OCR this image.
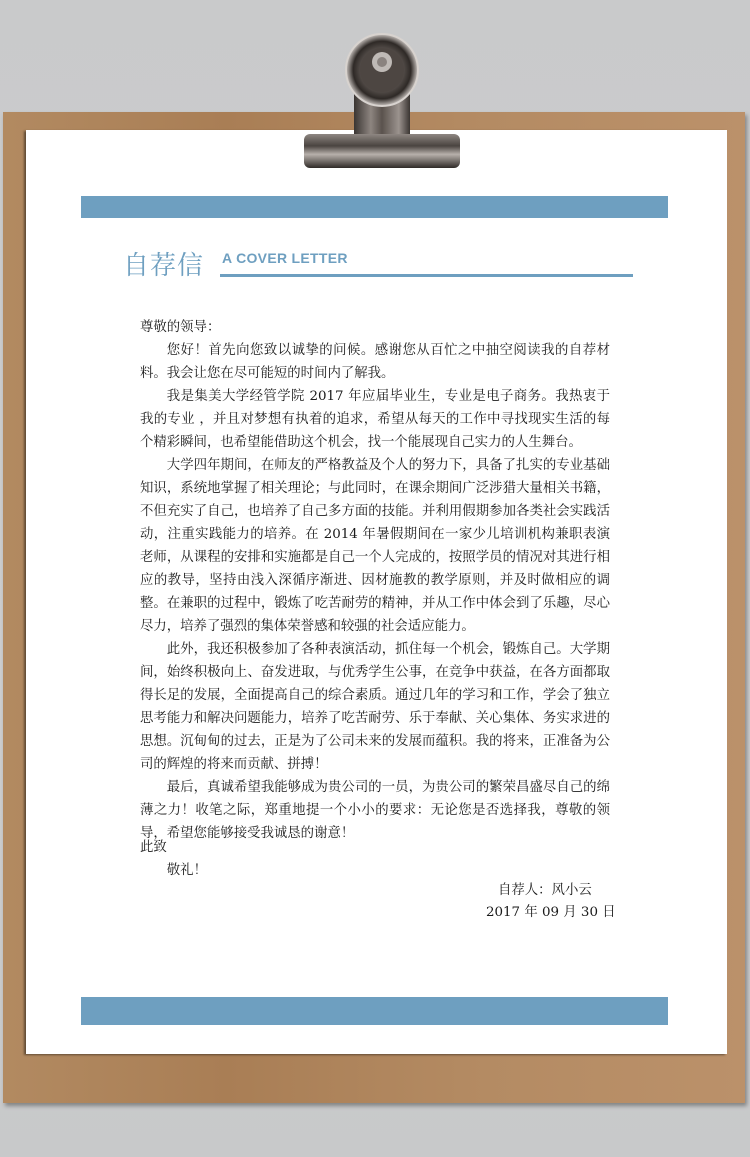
自荐信 A COVER LETTER

尊敬的领导：

您好！首先向您致以诚挚的问候。感谢您从百忙之中抽空阅读我的自荐材料。我会让您在尽可能短的时间内了解我。

我是集美大学经管学院 2017 年应届毕业生，专业是电子商务。我热衷于我的专业 ，并且对梦想有执着的追求，希望从每天的工作中寻找现实生活的每个精彩瞬间，也希望能借助这个机会，找一个能展现自己实力的人生舞台。

大学四年期间，在师友的严格教益及个人的努力下，具备了扎实的专业基础知识，系统地掌握了相关理论；与此同时，在课余期间广泛涉猎大量相关书籍，不但充实了自己，也培养了自己多方面的技能。并利用假期参加各类社会实践活动，注重实践能力的培养。在 2014 年暑假期间在一家少儿培训机构兼职表演老师，从课程的安排和实施都是自己一个人完成的，按照学员的情况对其进行相应的教导，坚持由浅入深循序渐进、因材施教的教学原则，并及时做相应的调整。在兼职的过程中，锻炼了吃苦耐劳的精神，并从工作中体会到了乐趣，尽心尽力，培养了强烈的集体荣誉感和较强的社会适应能力。

此外，我还积极参加了各种表演活动，抓住每一个机会，锻炼自己。大学期间，始终积极向上、奋发进取，与优秀学生公事，在竞争中获益，在各方面都取得长足的发展，全面提高自己的综合素质。通过几年的学习和工作，学会了独立思考能力和解决问题能力，培养了吃苦耐劳、乐于奉献、关心集体、务实求进的思想。沉甸甸的过去，正是为了公司未来的发展而蕴积。我的将来，正准备为公司的辉煌的将来而贡献、拼搏！

最后，真诚希望我能够成为贵公司的一员，为贵公司的繁荣昌盛尽自己的绵薄之力！收笔之际，郑重地提一个小小的要求：无论您是否选择我，尊敬的领导，希望您能够接受我诚恳的谢意！

此致
敬礼！
自荐人：风小云
2017 年 09 月 30 日
